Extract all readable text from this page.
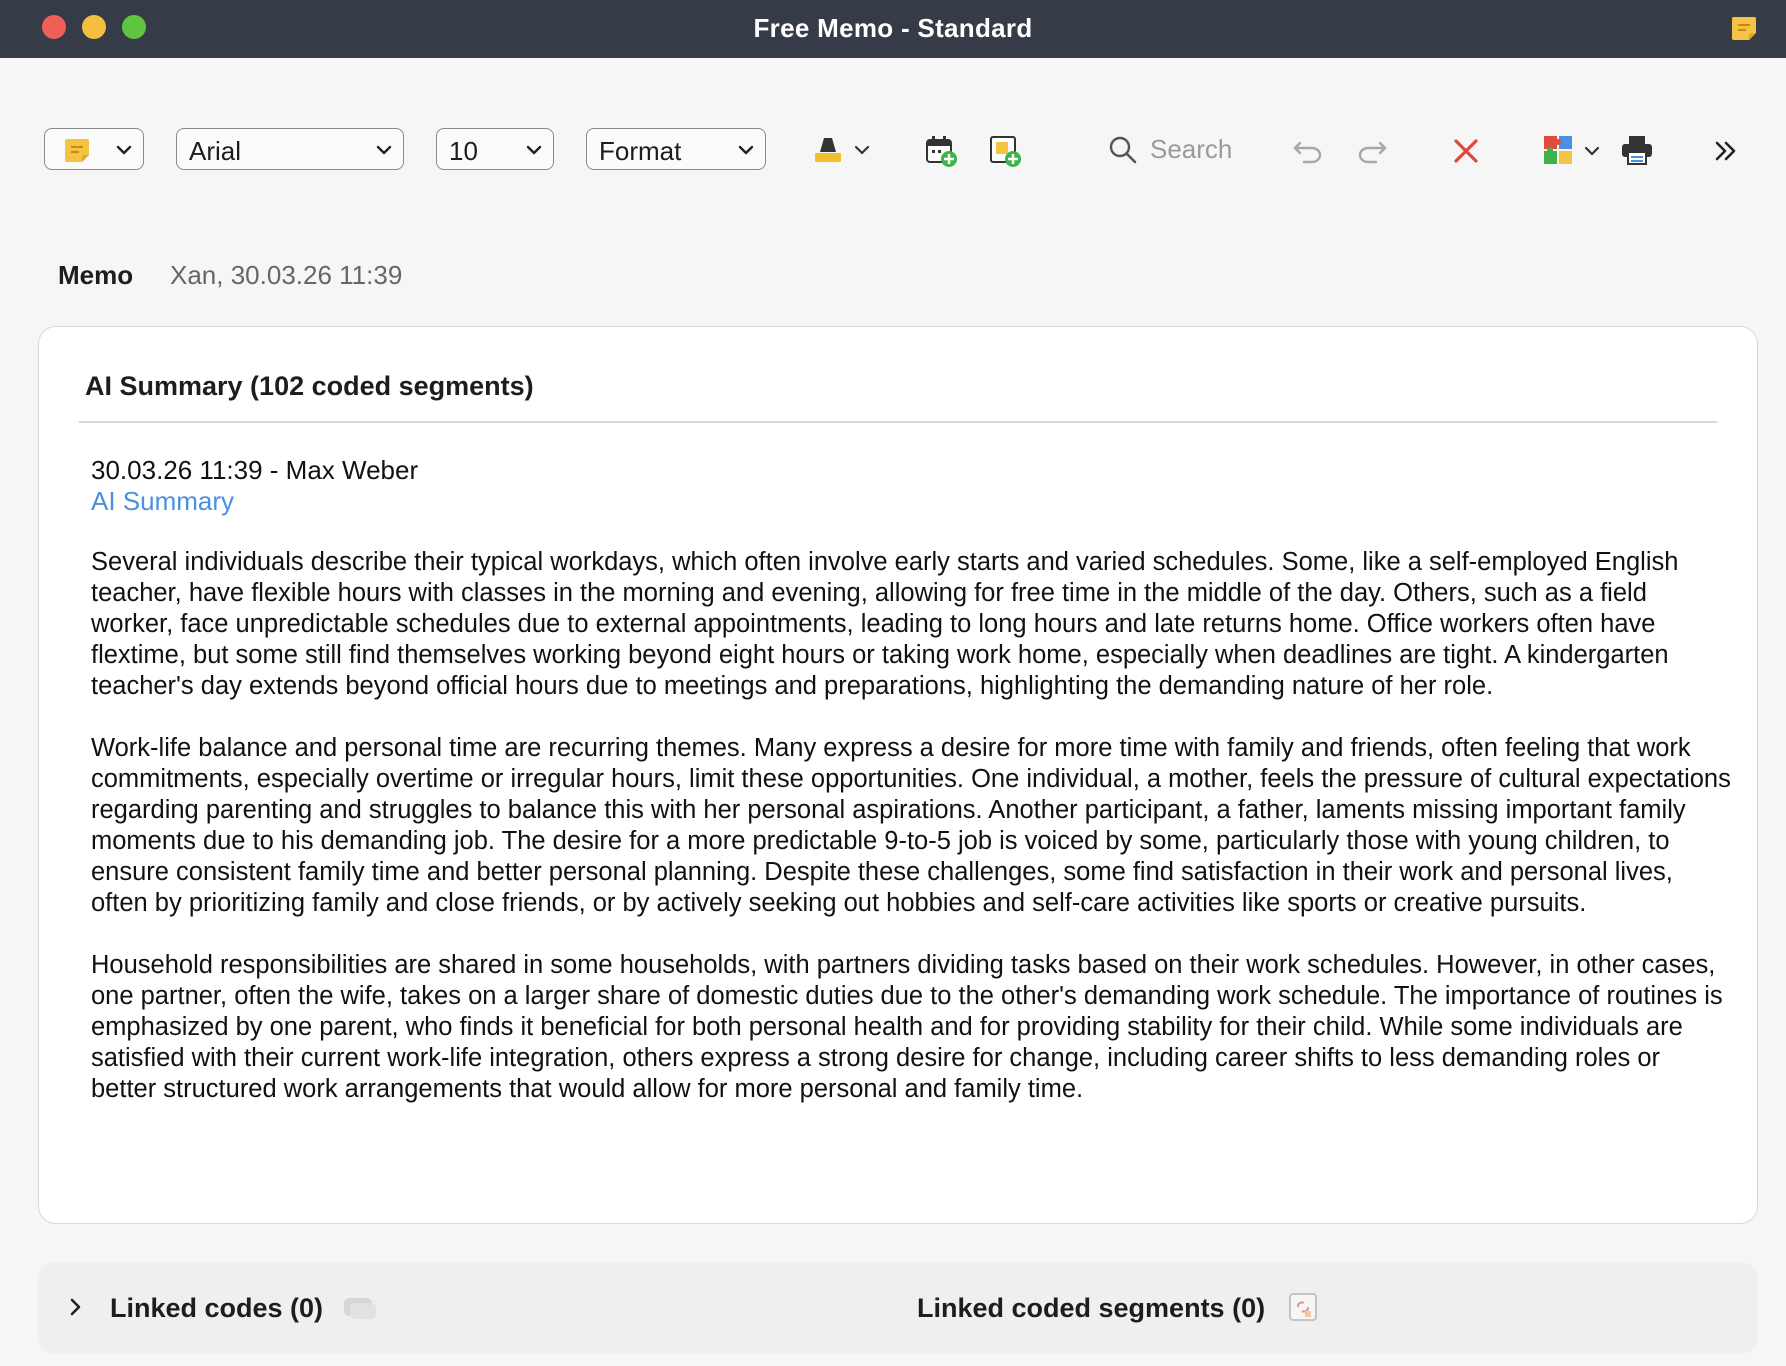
Free Memo - Standard
Arial	10	Format	Search
Memo Xan, 30.03.26 11:39
AI Summary (102 coded segments)
30.03.26 11:39 - Max Weber
AI Summary

Several individuals describe their typical workdays, which often involve early starts and varied schedules. Some, like a self-employed English teacher, have flexible hours with classes in the morning and evening, allowing for free time in the middle of the day. Others, such as a field worker, face unpredictable schedules due to external appointments, leading to long hours and late returns home. Office workers often have flextime, but some still find themselves working beyond eight hours or taking work home, especially when deadlines are tight. A kindergarten teacher's day extends beyond official hours due to meetings and preparations, highlighting the demanding nature of her role.

Work-life balance and personal time are recurring themes. Many express a desire for more time with family and friends, often feeling that work commitments, especially overtime or irregular hours, limit these opportunities. One individual, a mother, feels the pressure of cultural expectations regarding parenting and struggles to balance this with her personal aspirations. Another participant, a father, laments missing important family moments due to his demanding job. The desire for a more predictable 9-to-5 job is voiced by some, particularly those with young children, to ensure consistent family time and better personal planning. Despite these challenges, some find satisfaction in their work and personal lives, often by prioritizing family and close friends, or by actively seeking out hobbies and self-care activities like sports or creative pursuits.

Household responsibilities are shared in some households, with partners dividing tasks based on their work schedules. However, in other cases, one partner, often the wife, takes on a larger share of domestic duties due to the other's demanding work schedule. The importance of routines is emphasized by one parent, who finds it beneficial for both personal health and for providing stability for their child. While some individuals are satisfied with their current work-life integration, others express a strong desire for change, including career shifts to less demanding roles or better structured work arrangements that would allow for more personal and family time.

Linked codes (0)	Linked coded segments (0)
